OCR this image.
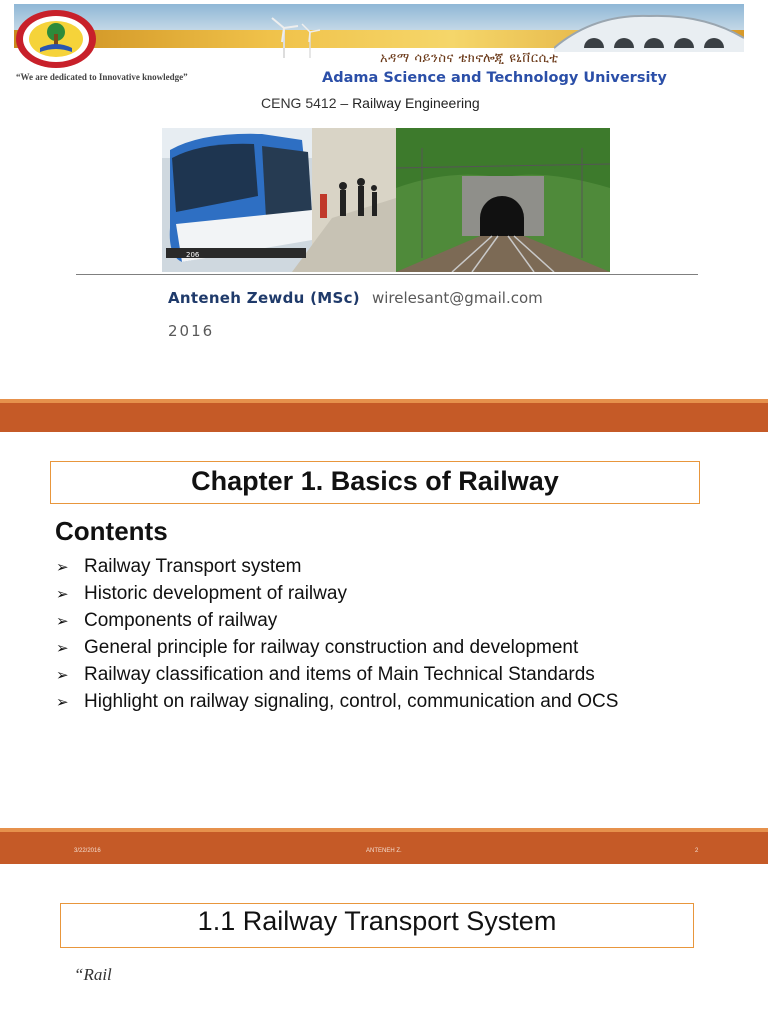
“We are dedicated to Innovative knowledge”
አዳማ ሳይንስና ቴክኖሎጂ ዩኒቨርሲቲ
Adama Science and Technology University
CENG 5412 – Railway Engineering
206
Anteneh Zewdu (MSc) wirelesant@gmail.com
2016
Chapter 1. Basics of Railway
Contents
➢ Railway Transport system
➢ Historic development of railway
➢ Components of railway
➢ General principle for railway construction and development
➢ Railway classification and items of Main Technical Standards
➢ Highlight on railway signaling, control, communication and OCS
3/22/2016	ANTENEH Z.	2
1.1 Railway Transport System
“Rail
